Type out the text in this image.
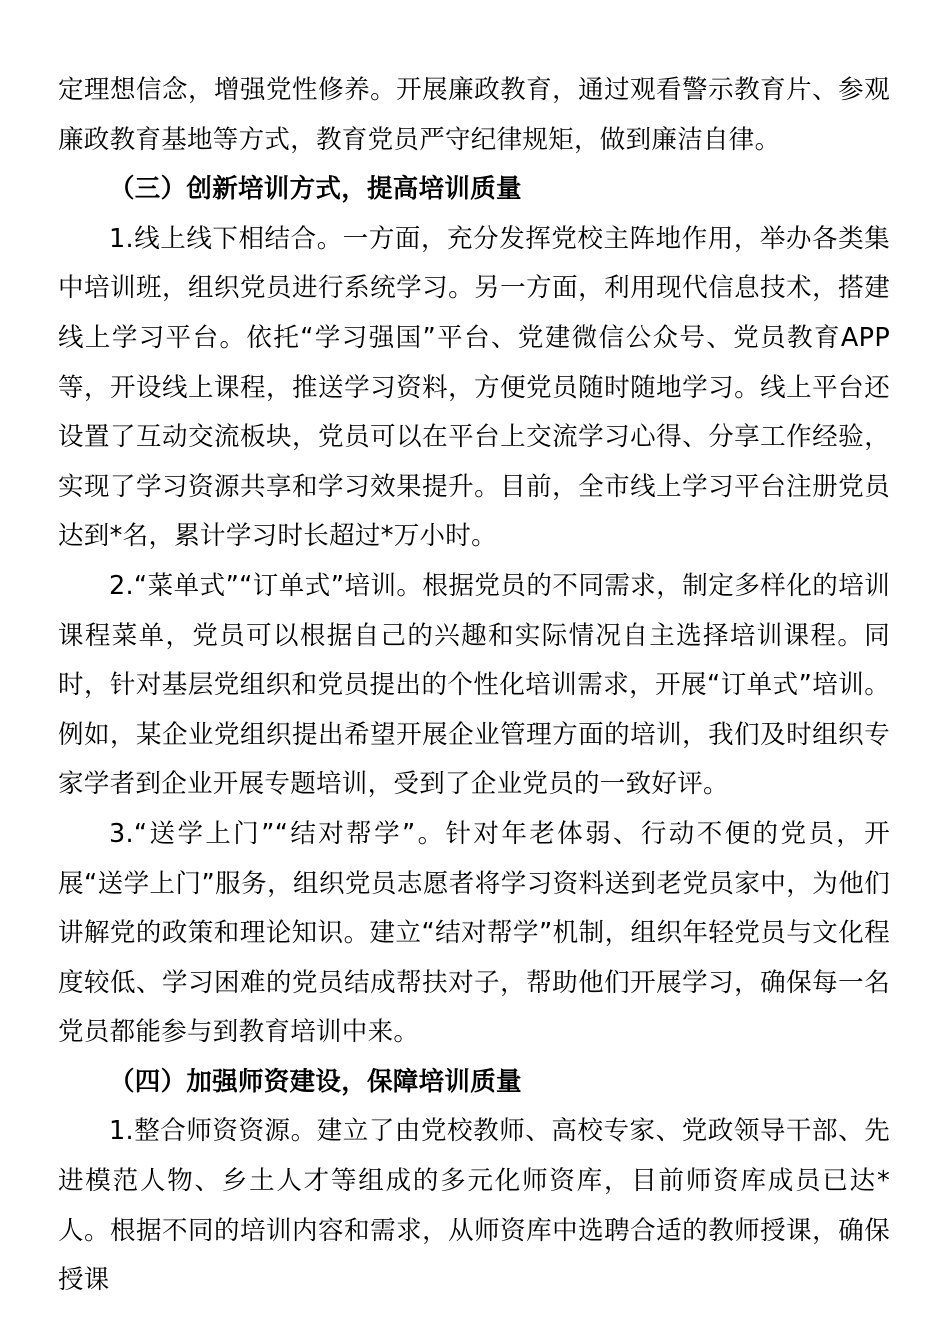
定理想信念，增强党性修养。开展廉政教育，通过观看警示教育片、参观廉政教育基地等方式，教育党员严守纪律规矩，做到廉洁自律。

（三）创新培训方式，提高培训质量

1.线上线下相结合。一方面，充分发挥党校主阵地作用，举办各类集中培训班，组织党员进行系统学习。另一方面，利用现代信息技术，搭建线上学习平台。依托“学习强国”平台、党建微信公众号、党员教育APP等，开设线上课程，推送学习资料，方便党员随时随地学习。线上平台还设置了互动交流板块，党员可以在平台上交流学习心得、分享工作经验，实现了学习资源共享和学习效果提升。目前，全市线上学习平台注册党员达到*名，累计学习时长超过*万小时。

2.“菜单式”“订单式”培训。根据党员的不同需求，制定多样化的培训课程菜单，党员可以根据自己的兴趣和实际情况自主选择培训课程。同时，针对基层党组织和党员提出的个性化培训需求，开展“订单式”培训。例如，某企业党组织提出希望开展企业管理方面的培训，我们及时组织专家学者到企业开展专题培训，受到了企业党员的一致好评。

3.“送学上门”“结对帮学”。针对年老体弱、行动不便的党员，开展“送学上门”服务，组织党员志愿者将学习资料送到老党员家中，为他们讲解党的政策和理论知识。建立“结对帮学”机制，组织年轻党员与文化程度较低、学习困难的党员结成帮扶对子，帮助他们开展学习，确保每一名党员都能参与到教育培训中来。

（四）加强师资建设，保障培训质量

1.整合师资资源。建立了由党校教师、高校专家、党政领导干部、先进模范人物、乡土人才等组成的多元化师资库，目前师资库成员已达*人。根据不同的培训内容和需求，从师资库中选聘合适的教师授课，确保授课
